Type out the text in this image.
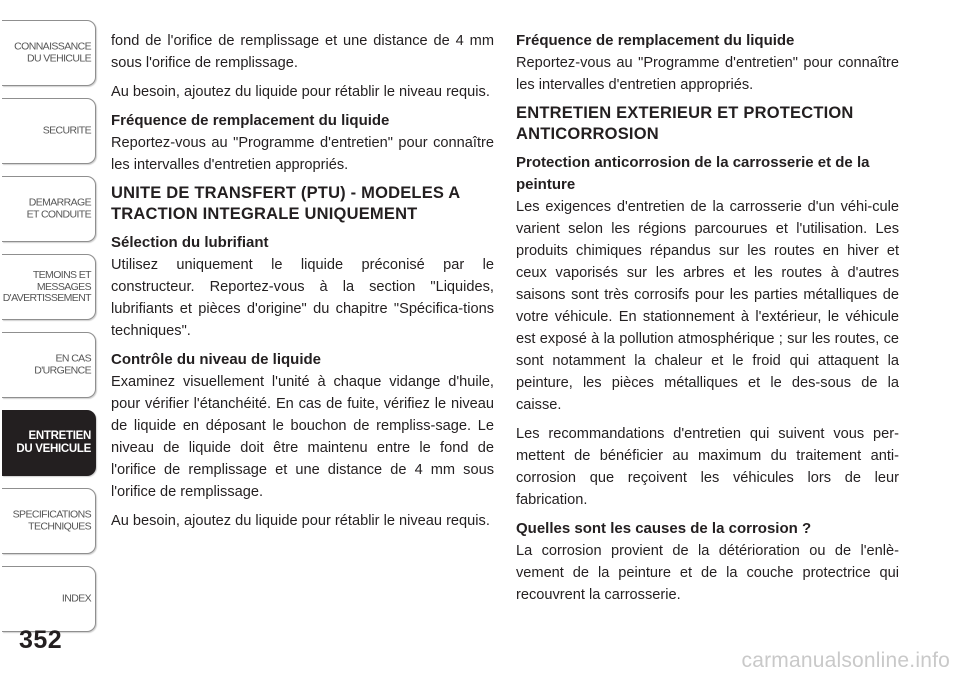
CONNAISSANCE
DU VEHICULE
SECURITE
DEMARRAGE
ET CONDUITE
TEMOINS ET
MESSAGES
D'AVERTISSEMENT
EN CAS
D'URGENCE
ENTRETIEN
DU VEHICULE
SPECIFICATIONS
TECHNIQUES
INDEX
352

fond de l'orifice de remplissage et une distance de 4 mm sous l'orifice de remplissage.

Au besoin, ajoutez du liquide pour rétablir le niveau requis.

Fréquence de remplacement du liquide

Reportez-vous au "Programme d'entretien" pour connaître les intervalles d'entretien appropriés.

UNITE DE TRANSFERT (PTU) - MODELES A TRACTION INTEGRALE UNIQUEMENT
Sélection du lubrifiant

Utilisez uniquement le liquide préconisé par le constructeur. Reportez-vous à la section "Liquides, lubrifiants et pièces d'origine" du chapitre "Spécifica-tions techniques".

Contrôle du niveau de liquide

Examinez visuellement l'unité à chaque vidange d'huile, pour vérifier l'étanchéité. En cas de fuite, vérifiez le niveau de liquide en déposant le bouchon de rempliss-sage. Le niveau de liquide doit être maintenu entre le fond de l'orifice de remplissage et une distance de 4 mm sous l'orifice de remplissage.

Au besoin, ajoutez du liquide pour rétablir le niveau requis.

Fréquence de remplacement du liquide

Reportez-vous au "Programme d'entretien" pour connaître les intervalles d'entretien appropriés.

ENTRETIEN EXTERIEUR ET PROTECTION ANTICORROSION
Protection anticorrosion de la carrosserie et de la peinture

Les exigences d'entretien de la carrosserie d'un véhi-cule varient selon les régions parcourues et l'utilisation. Les produits chimiques répandus sur les routes en hiver et ceux vaporisés sur les arbres et les routes à d'autres saisons sont très corrosifs pour les parties métalliques de votre véhicule. En stationnement à l'extérieur, le véhicule est exposé à la pollution atmosphérique ; sur les routes, ce sont notamment la chaleur et le froid qui attaquent la peinture, les pièces métalliques et le des-sous de la caisse.

Les recommandations d'entretien qui suivent vous per-mettent de bénéficier au maximum du traitement anti-corrosion que reçoivent les véhicules lors de leur fabrication.

Quelles sont les causes de la corrosion ?

La corrosion provient de la détérioration ou de l'enlè-vement de la peinture et de la couche protectrice qui recouvrent la carrosserie.

carmanualsonline.info
